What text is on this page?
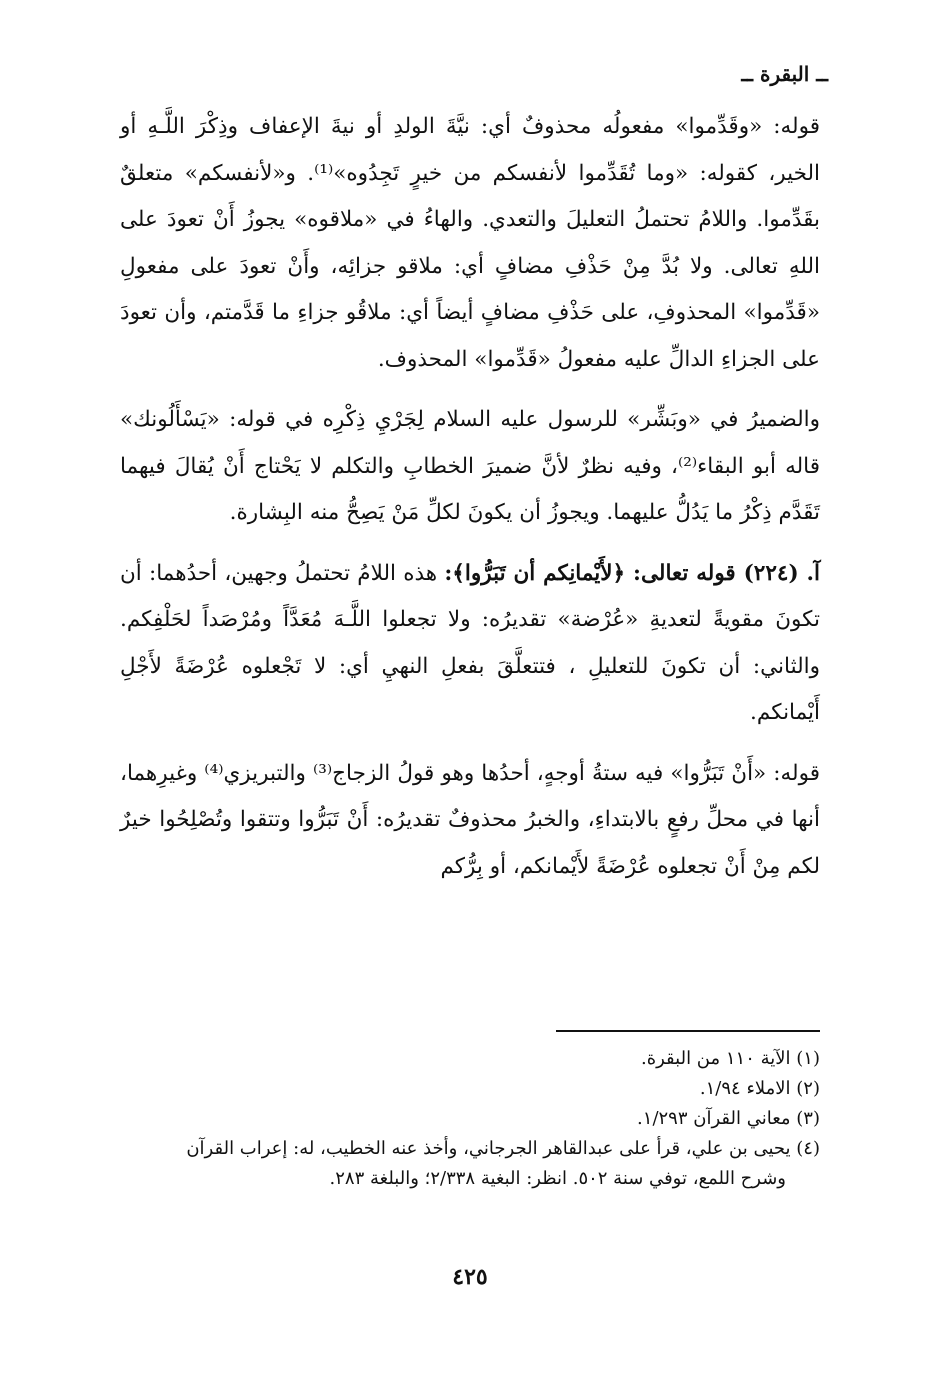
ــ البقرة ــ

قوله: «وقَدِّموا» مفعولُه محذوفٌ أي: نيَّةَ الولدِ أو نيةَ الإعفاف وذِكْرَ اللَّـهِ أو الخير، كقوله: «وما تُقَدِّموا لأنفسكم من خيرٍ تَجِدُوه»⁽¹⁾. و«لأنفسكم» متعلقٌ بقَدِّموا. واللامُ تحتملُ التعليلَ والتعدي. والهاءُ في «ملاقوه» يجوزُ أَنْ تعودَ على اللهِ تعالى. ولا بُدَّ مِنْ حَذْفِ مضافٍ أي: ملاقو جزائِه، وأَنْ تعودَ على مفعولِ «قَدِّموا» المحذوفِ، على حَذْفِ مضافٍ أيضاً أي: ملاقُو جزاءِ ما قَدَّمتم، وأن تعودَ على الجزاءِ الدالِّ عليه مفعولُ «قَدِّموا» المحذوف.

والضميرُ في «وبَشِّر» للرسول عليه السلام لِجَرْيِ ذِكْرِه في قوله: «يَسْأَلُونك» قاله أبو البقاء⁽²⁾، وفيه نظرٌ لأنَّ ضميرَ الخطابِ والتكلم لا يَحْتاج أَنْ يُقالَ فيهما تَقَدَّم ذِكْرُ ما يَدُلُّ عليهما. ويجوزُ أن يكونَ لكلِّ مَنْ يَصِحُّ منه البِشارة.

آ. (٢٢٤) قوله تعالى: ﴿لأَيْمانِكم أن تَبَرُّوا﴾: هذه اللامُ تحتملُ وجهين، أحدُهما: أن تكونَ مقويةً لتعديةِ «عُرْضة» تقديرُه: ولا تجعلوا اللَّـهَ مُعَدَّاً ومُرْصَداً لحَلْفِكم. والثاني: أن تكونَ للتعليلِ ، فتتعلَّقَ بفعلِ النهيِ أي: لا تَجْعلوه عُرْضَةً لأَجْلِ أَيْمانكم.

قوله: «أَنْ تَبَرُّوا» فيه ستةُ أوجهٍ، أحدُها وهو قولُ الزجاج⁽³⁾ والتبريزي⁽⁴⁾ وغيرِهما، أنها في محلِّ رفعٍ بالابتداءِ، والخبرُ محذوفٌ تقديرُه: أَنْ تَبَرُّوا وتتقوا وتُصْلِحُوا خيرٌ لكم مِنْ أَنْ تجعلوه عُرْضَةً لأَيْمانكم، أو بِرُّكم

(١) الآية ١١٠ من البقرة.

(٢) الاملاء ١/٩٤.

(٣) معاني القرآن ١/٢٩٣.

(٤) يحيى بن علي، قرأ على عبدالقاهر الجرجاني، وأخذ عنه الخطيب، له: إعراب القرآن

وشرح اللمع، توفي سنة ٥٠٢. انظر: البغية ٢/٣٣٨؛ والبلغة ٢٨٣.

٤٢٥
